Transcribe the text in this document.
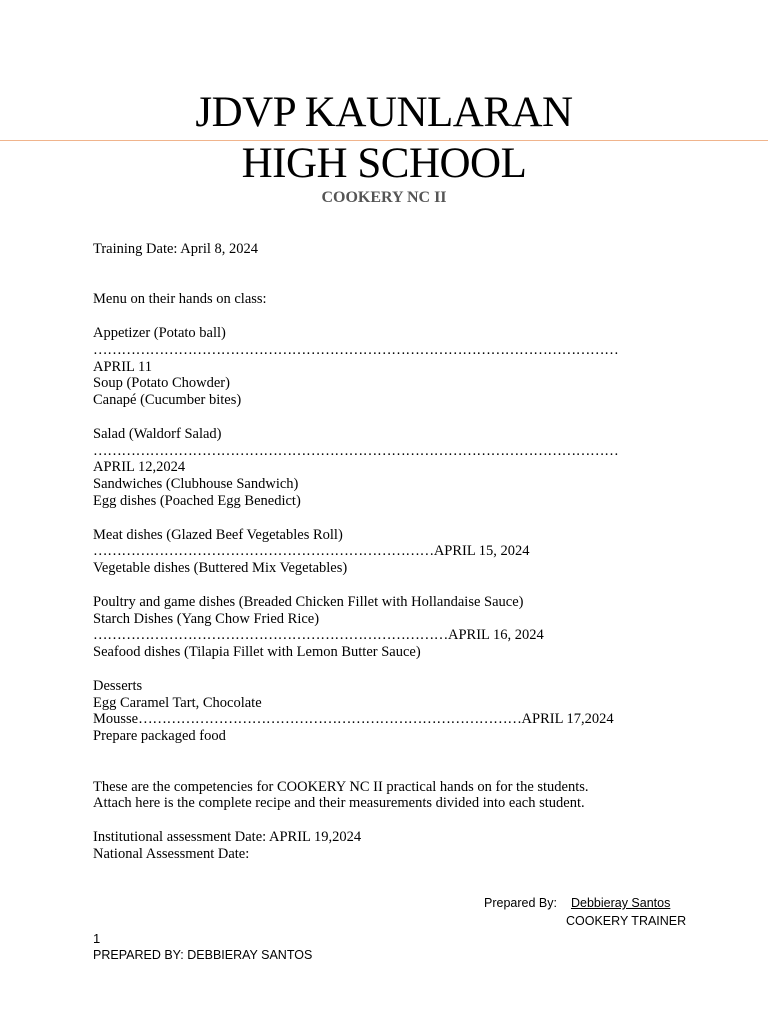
JDVP KAUNLARAN
HIGH SCHOOL
COOKERY NC II
Training Date: April 8, 2024
Menu on their hands on class:
Appetizer (Potato ball)
…………………………………………………………………………………………………
APRIL 11
Soup (Potato Chowder)
Canapé (Cucumber bites)
Salad (Waldorf Salad)
…………………………………………………………………………………………………
APRIL 12,2024
Sandwiches (Clubhouse Sandwich)
Egg dishes (Poached Egg Benedict)
Meat dishes (Glazed Beef Vegetables Roll)
………………………………………………………………APRIL 15, 2024
Vegetable dishes (Buttered Mix Vegetables)
Poultry and game dishes (Breaded Chicken Fillet with Hollandaise Sauce)
Starch Dishes (Yang Chow Fried Rice)
…………………………………………………………………APRIL 16, 2024
Seafood dishes (Tilapia Fillet with Lemon Butter Sauce)
Desserts
Egg Caramel Tart, Chocolate
Mousse………………………………………………………………………APRIL 17,2024
Prepare packaged food
These are the competencies for COOKERY NC II practical hands on for the students.
Attach here is the complete recipe and their measurements divided into each student.
Institutional assessment Date: APRIL 19,2024
National Assessment Date:
Prepared By: Debbieray Santos
COOKERY TRAINER
1
PREPARED BY: DEBBIERAY SANTOS
